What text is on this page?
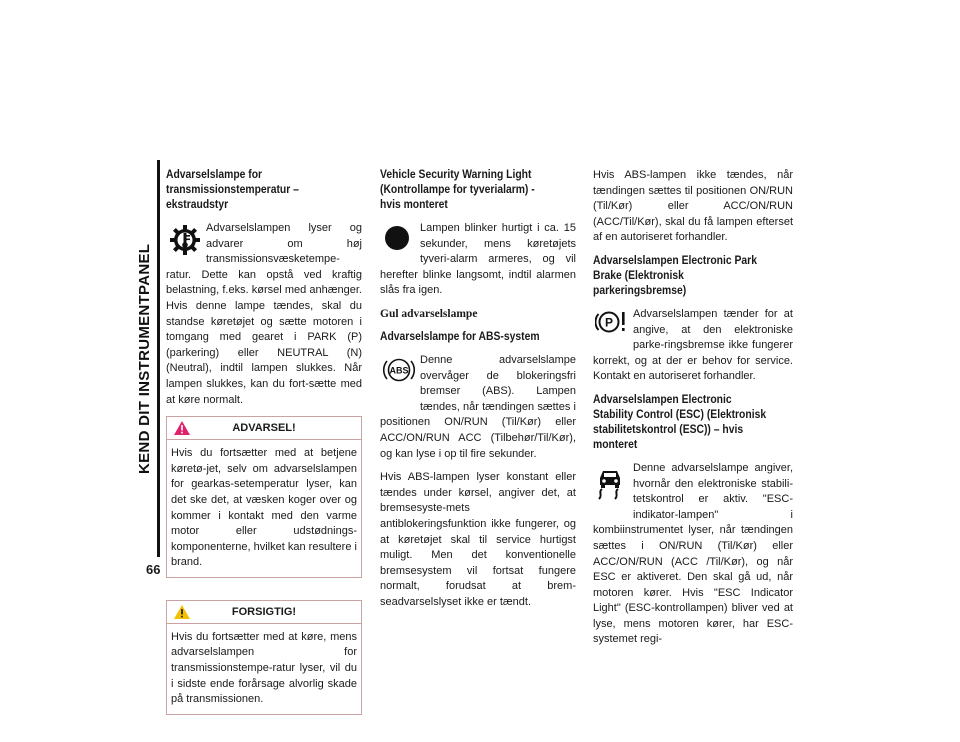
KEND DIT INSTRUMENTPANEL
66
Advarselslampe for transmissionstemperatur – ekstraudstyr
Advarselslampen lyser og advarer om høj transmissionsvæsketempe-ratur. Dette kan opstå ved kraftig belastning, f.eks. kørsel med anhænger. Hvis denne lampe tændes, skal du standse køretøjet og sætte motoren i tomgang med gearet i PARK (P) (parkering) eller NEUTRAL (N) (Neutral), indtil lampen slukkes. Når lampen slukkes, kan du fort-sætte med at køre normalt.
ADVARSEL!
Hvis du fortsætter med at betjene køretø-jet, selv om advarselslampen for gearkas-setemperatur lyser, kan det ske det, at væsken koger over og kommer i kontakt med den varme motor eller udstødnings-komponenterne, hvilket kan resultere i brand.
FORSIGTIG!
Hvis du fortsætter med at køre, mens advarselslampen for transmissionstempe-ratur lyser, vil du i sidste ende forårsage alvorlig skade på transmissionen.
Vehicle Security Warning Light (Kontrollampe for tyverialarm) - hvis monteret
Lampen blinker hurtigt i ca. 15 sekunder, mens køretøjets tyveri-alarm armeres, og vil herefter blinke langsomt, indtil alarmen slås fra igen.
Gul advarselslampe
Advarselslampe for ABS-system
ABS
Denne advarselslampe overvåger de blokeringsfri bremser (ABS). Lampen tændes, når tændingen sættes i positionen ON/RUN (Til/Kør) eller ACC/ON/RUN ACC (Tilbehør/Til/Kør), og kan lyse i op til fire sekunder.

Hvis ABS-lampen lyser konstant eller tændes under kørsel, angiver det, at bremsesyste-mets antiblokeringsfunktion ikke fungerer, og at køretøjet skal til service hurtigst muligt. Men det konventionelle bremsesystem vil fortsat fungere normalt, forudsat at brem-seadvarselslyset ikke er tændt.

Hvis ABS-lampen ikke tændes, når tændingen sættes til positionen ON/RUN (Til/Kør) eller ACC/ON/RUN (ACC/Til/Kør), skal du få lampen efterset af en autoriseret forhandler.

Advarselslampen Electronic Park Brake (Elektronisk parkeringsbremse)
P
Advarselslampen tænder for at angive, at den elektroniske parke-ringsbremse ikke fungerer korrekt, og at der er behov for service. Kontakt en autoriseret forhandler.
Advarselslampen Electronic Stability Control (ESC) (Elektronisk stabilitetskontrol (ESC)) – hvis monteret
Denne advarselslampe angiver, hvornår den elektroniske stabili-tetskontrol er aktiv. "ESC-indikator-lampen" i kombiinstrumentet lyser, når tændingen sættes i ON/RUN (Til/Kør) eller ACC/ON/RUN (ACC /Til/Kør), og når ESC er aktiveret. Den skal gå ud, når motoren kører. Hvis "ESC Indicator Light" (ESC-kontrollampen) bliver ved at lyse, mens motoren kører, har ESC-systemet regi-
